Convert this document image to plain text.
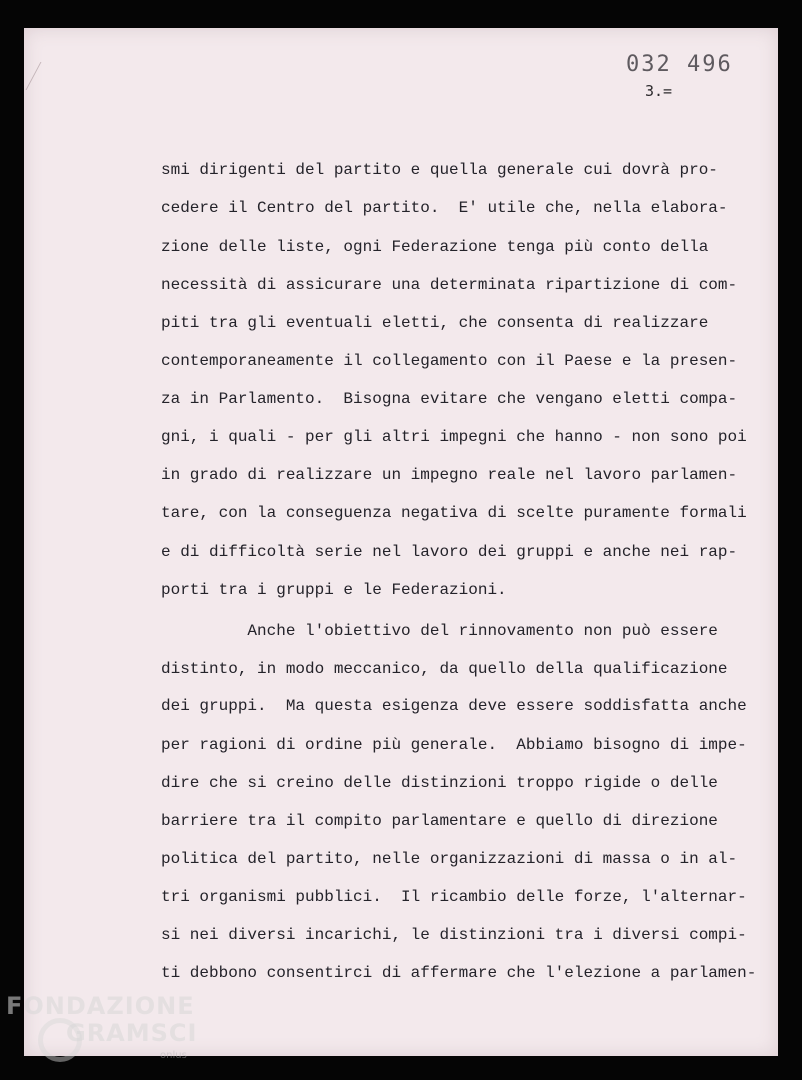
032 496
3.=
smi dirigenti del partito e quella generale cui dovrà pro-
cedere il Centro del partito.  E' utile che, nella elabora-
zione delle liste, ogni Federazione tenga più conto della
necessità di assicurare una determinata ripartizione di com-
piti tra gli eventuali eletti, che consenta di realizzare
contemporaneamente il collegamento con il Paese e la presen-
za in Parlamento.  Bisogna evitare che vengano eletti compa-
gni, i quali - per gli altri impegni che hanno - non sono poi
in grado di realizzare un impegno reale nel lavoro parlamen-
tare, con la conseguenza negativa di scelte puramente formali
e di difficoltà serie nel lavoro dei gruppi e anche nei rap-
porti tra i gruppi e le Federazioni.
Anche l'obiettivo del rinnovamento non può essere
distinto, in modo meccanico, da quello della qualificazione
dei gruppi.  Ma questa esigenza deve essere soddisfatta anche
per ragioni di ordine più generale.  Abbiamo bisogno di impe-
dire che si creino delle distinzioni troppo rigide o delle
barriere tra il compito parlamentare e quello di direzione
politica del partito, nelle organizzazioni di massa o in al-
tri organismi pubblici.  Il ricambio delle forze, l'alternar-
si nei diversi incarichi, le distinzioni tra i diversi compi-
ti debbono consentirci di affermare che l'elezione a parlamen-
FONDAZIONE
GRAMSCI
onlus
